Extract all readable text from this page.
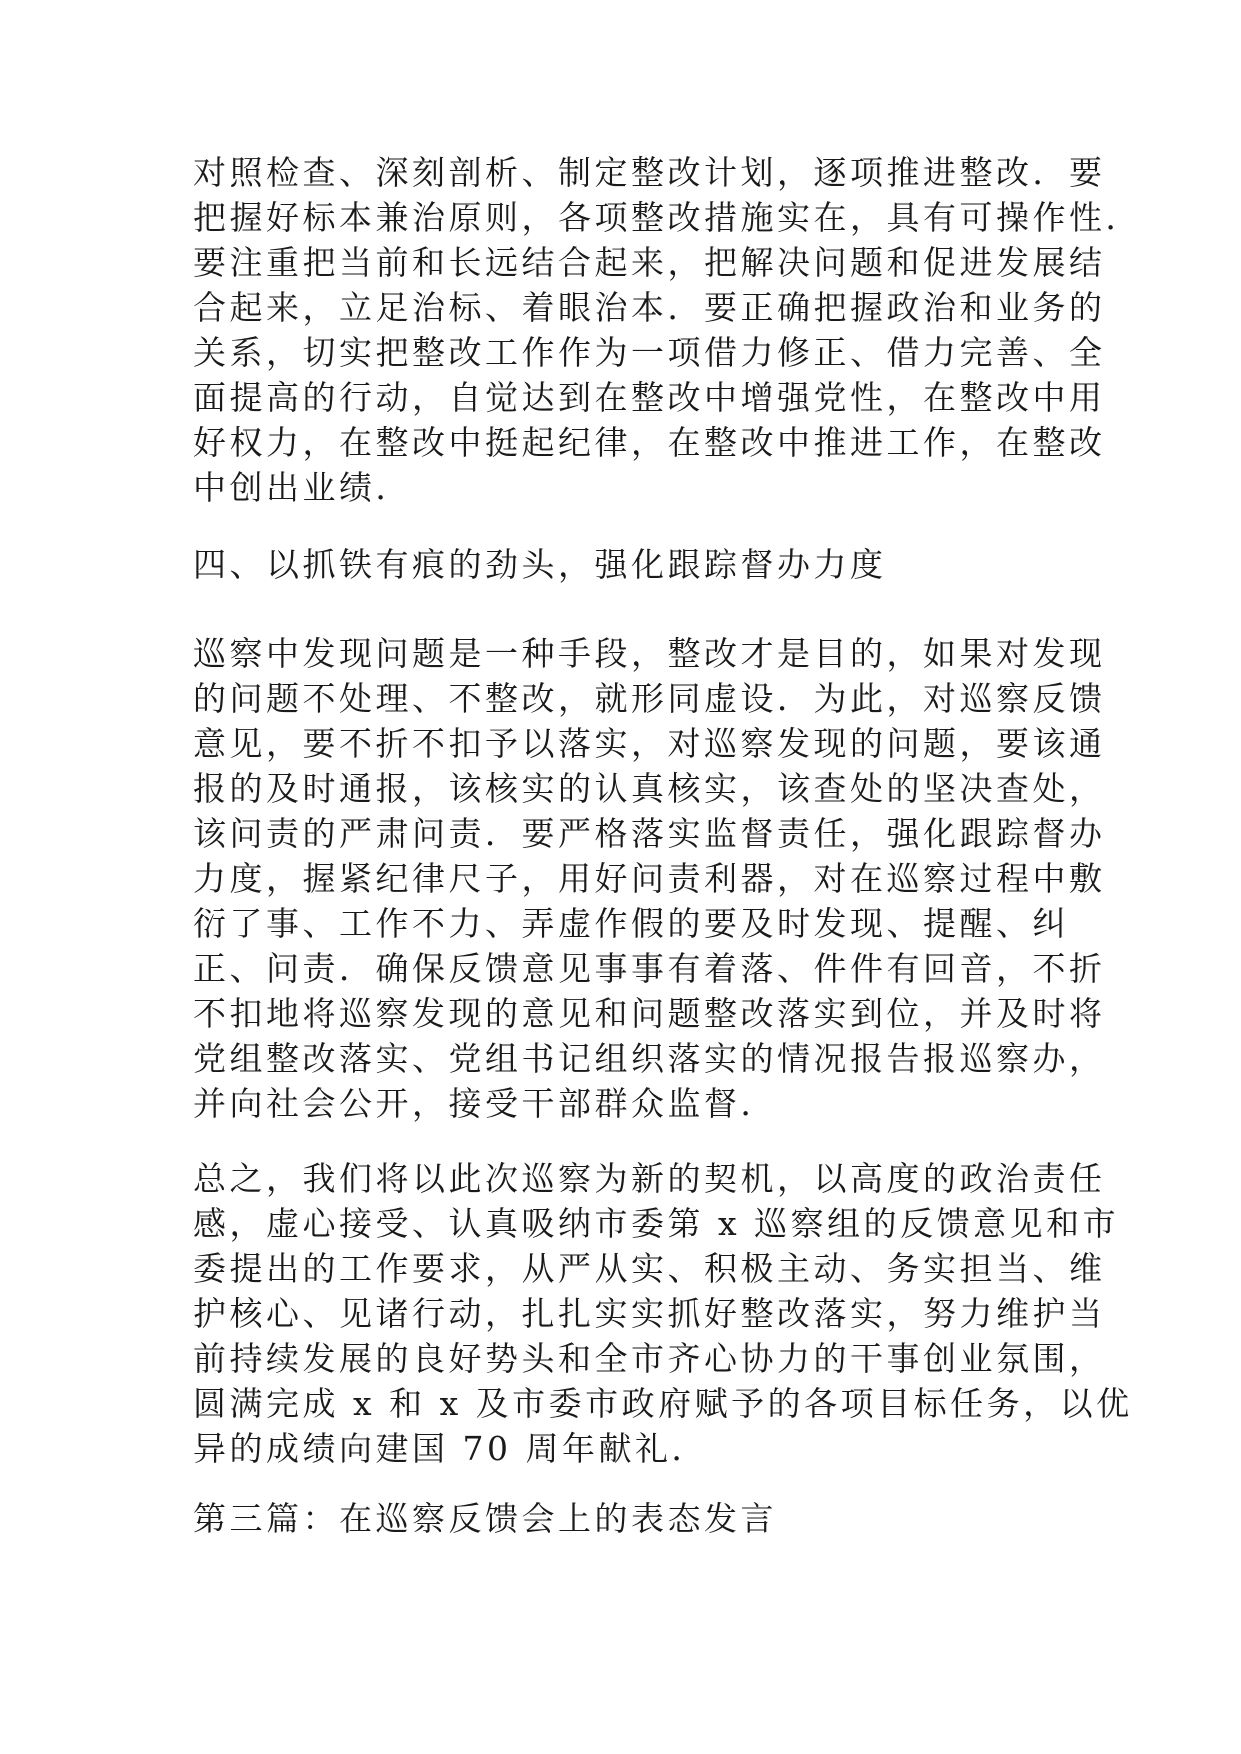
对照检查、深刻剖析、制定整改计划，逐项推进整改．要
把握好标本兼治原则，各项整改措施实在，具有可操作性．
要注重把当前和长远结合起来，把解决问题和促进发展结
合起来，立足治标、着眼治本．要正确把握政治和业务的
关系，切实把整改工作作为一项借力修正、借力完善、全
面提高的行动，自觉达到在整改中增强党性，在整改中用
好权力，在整改中挺起纪律，在整改中推进工作，在整改
中创出业绩．
四、以抓铁有痕的劲头，强化跟踪督办力度
巡察中发现问题是一种手段，整改才是目的，如果对发现
的问题不处理、不整改，就形同虚设．为此，对巡察反馈
意见，要不折不扣予以落实，对巡察发现的问题，要该通
报的及时通报，该核实的认真核实，该查处的坚决查处，
该问责的严肃问责．要严格落实监督责任，强化跟踪督办
力度，握紧纪律尺子，用好问责利器，对在巡察过程中敷
衍了事、工作不力、弄虚作假的要及时发现、提醒、纠
正、问责．确保反馈意见事事有着落、件件有回音，不折
不扣地将巡察发现的意见和问题整改落实到位，并及时将
党组整改落实、党组书记组织落实的情况报告报巡察办，
并向社会公开，接受干部群众监督．
总之，我们将以此次巡察为新的契机，以高度的政治责任
感，虚心接受、认真吸纳市委第 x 巡察组的反馈意见和市
委提出的工作要求，从严从实、积极主动、务实担当、维
护核心、见诸行动，扎扎实实抓好整改落实，努力维护当
前持续发展的良好势头和全市齐心协力的干事创业氛围，
圆满完成 x 和 x 及市委市政府赋予的各项目标任务，以优
异的成绩向建国 70 周年献礼．
第三篇：在巡察反馈会上的表态发言
